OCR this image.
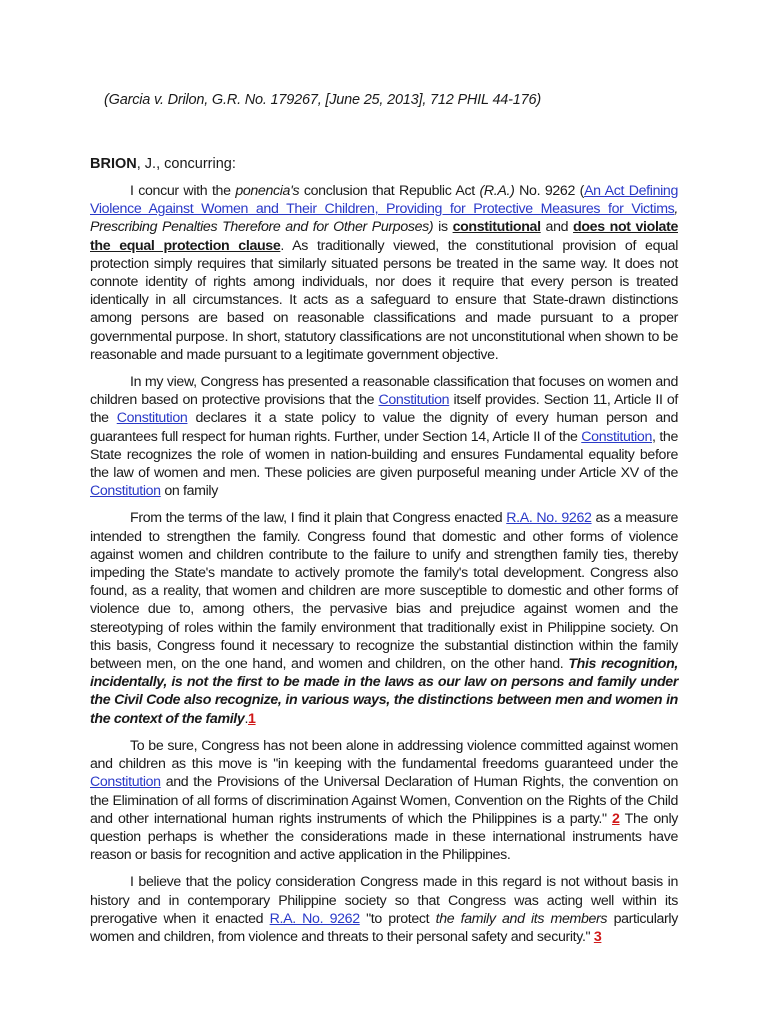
(Garcia v. Drilon, G.R. No. 179267, [June 25, 2013], 712 PHIL 44-176)
BRION, J., concurring:

I concur with the ponencia's conclusion that Republic Act (R.A.) No. 9262 (An Act Defining Violence Against Women and Their Children, Providing for Protective Measures for Victims, Prescribing Penalties Therefore and for Other Purposes) is constitutional and does not violate the equal protection clause. As traditionally viewed, the constitutional provision of equal protection simply requires that similarly situated persons be treated in the same way. It does not connote identity of rights among individuals, nor does it require that every person is treated identically in all circumstances. It acts as a safeguard to ensure that State-drawn distinctions among persons are based on reasonable classifications and made pursuant to a proper governmental purpose. In short, statutory classifications are not unconstitutional when shown to be reasonable and made pursuant to a legitimate government objective.

In my view, Congress has presented a reasonable classification that focuses on women and children based on protective provisions that the Constitution itself provides. Section 11, Article II of the Constitution declares it a state policy to value the dignity of every human person and guarantees full respect for human rights. Further, under Section 14, Article II of the Constitution, the State recognizes the role of women in nation-building and ensures Fundamental equality before the law of women and men. These policies are given purposeful meaning under Article XV of the Constitution on family

From the terms of the law, I find it plain that Congress enacted R.A. No. 9262 as a measure intended to strengthen the family. Congress found that domestic and other forms of violence against women and children contribute to the failure to unify and strengthen family ties, thereby impeding the State's mandate to actively promote the family's total development. Congress also found, as a reality, that women and children are more susceptible to domestic and other forms of violence due to, among others, the pervasive bias and prejudice against women and the stereotyping of roles within the family environment that traditionally exist in Philippine society. On this basis, Congress found it necessary to recognize the substantial distinction within the family between men, on the one hand, and women and children, on the other hand. This recognition, incidentally, is not the first to be made in the laws as our law on persons and family under the Civil Code also recognize, in various ways, the distinctions between men and women in the context of the family.1

To be sure, Congress has not been alone in addressing violence committed against women and children as this move is "in keeping with the fundamental freedoms guaranteed under the Constitution and the Provisions of the Universal Declaration of Human Rights, the convention on the Elimination of all forms of discrimination Against Women, Convention on the Rights of the Child and other international human rights instruments of which the Philippines is a party." 2 The only question perhaps is whether the considerations made in these international instruments have reason or basis for recognition and active application in the Philippines.

I believe that the policy consideration Congress made in this regard is not without basis in history and in contemporary Philippine society so that Congress was acting well within its prerogative when it enacted R.A. No. 9262 "to protect the family and its members particularly women and children, from violence and threats to their personal safety and security." 3
